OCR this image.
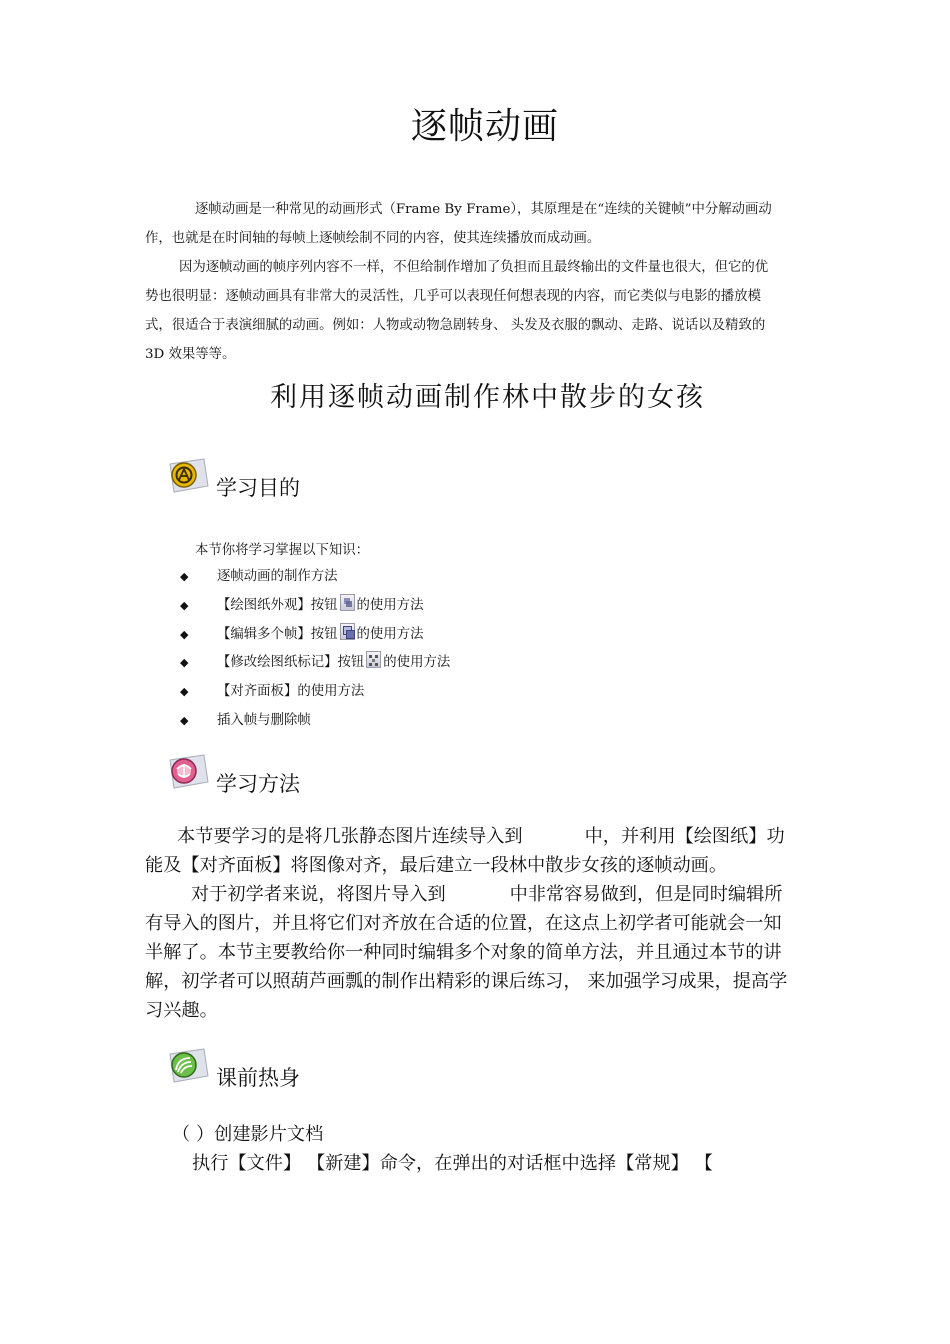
逐帧动画
逐帧动画是一种常见的动画形式（Frame By Frame），其原理是在“连续的关键帧”中分解动画动
作，也就是在时间轴的每帧上逐帧绘制不同的内容，使其连续播放而成动画。
因为逐帧动画的帧序列内容不一样，不但给制作增加了负担而且最终输出的文件量也很大，但它的优
势也很明显：逐帧动画具有非常大的灵活性，几乎可以表现任何想表现的内容，而它类似与电影的播放模
式，很适合于表演细腻的动画。例如：人物或动物急剧转身、 头发及衣服的飘动、走路、说话以及精致的
3D 效果等等。
利用逐帧动画制作林中散步的女孩
学习目的
本节你将学习掌握以下知识：
◆ 逐帧动画的制作方法
◆ 【绘图纸外观】按钮 的使用方法
◆ 【编辑多个帧】按钮 的使用方法
◆ 【修改绘图纸标记】按钮 的使用方法
◆ 【对齐面板】的使用方法
◆ 插入帧与删除帧
学习方法
本节要学习的是将几张静态图片连续导入到	中，并利用【绘图纸】功
能及【对齐面板】将图像对齐，最后建立一段林中散步女孩的逐帧动画。
对于初学者来说，将图片导入到	中非常容易做到，但是同时编辑所
有导入的图片，并且将它们对齐放在合适的位置，在这点上初学者可能就会一知
半解了。本节主要教给你一种同时编辑多个对象的简单方法，并且通过本节的讲
解，初学者可以照葫芦画瓢的制作出精彩的课后练习， 来加强学习成果，提高学
习兴趣。
课前热身
（ ）创建影片文档
执行【文件】 【新建】命令，在弹出的对话框中选择【常规】 【
